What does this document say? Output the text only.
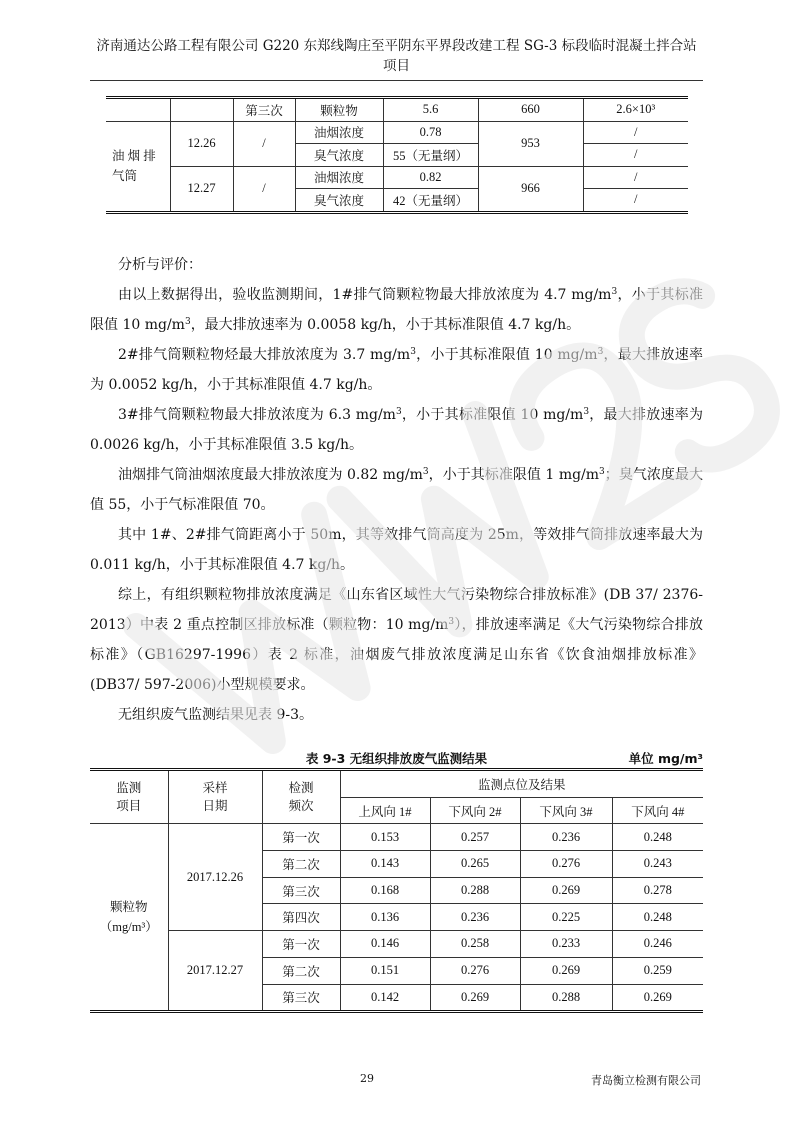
济南通达公路工程有限公司 G220 东郑线陶庄至平阴东平界段改建工程 SG-3 标段临时混凝土拌合站
项目
		第三次	颗粒物	5.6	660	2.6×10³
油 烟 排 气筒	12.26	/	油烟浓度	0.78	953	/
			臭气浓度	55（无量纲）		/
	12.27	/	油烟浓度	0.82	966	/
			臭气浓度	42（无量纲）		/

分析与评价：

由以上数据得出，验收监测期间，1#排气筒颗粒物最大排放浓度为 4.7 $mg/m^3$，小于其标准限值 10 $mg/m^3$，最大排放速率为 0.0058 kg/h，小于其标准限值 4.7 kg/h。

2#排气筒颗粒物烃最大排放浓度为 3.7 $mg/m^3$，小于其标准限值 10 $mg/m^3$，最大排放速率为 0.0052 kg/h，小于其标准限值 4.7 kg/h。

3#排气筒颗粒物最大排放浓度为 6.3 $mg/m^3$，小于其标准限值 10 $mg/m^3$，最大排放速率为 0.0026 kg/h，小于其标准限值 3.5 kg/h。

油烟排气筒油烟浓度最大排放浓度为 0.82 $mg/m^3$，小于其标准限值 1 $mg/m^3$；臭气浓度最大值 55，小于气标准限值 70。

其中 1#、2#排气筒距离小于 50m，其等效排气筒高度为 25m，等效排气筒排放速率最大为 0.011 kg/h，小于其标准限值 4.7 kg/h。

综上，有组织颗粒物排放浓度满足《山东省区域性大气污染物综合排放标准》(DB 37/ 2376-2013）中表 2 重点控制区排放标准（颗粒物：10 $mg/m^3$），排放速率满足《大气污染物综合排放标准》（GB16297-1996）表 2 标准，油烟废气排放浓度满足山东省《饮食油烟排放标准》(DB37/ 597-2006)小型规模要求。

无组织废气监测结果见表 9-3。

表 9-3 无组织排放废气监测结果	单位 mg/m³
监测项目	采样日期	检测频次	监测点位及结果			
			上风向 1#	下风向 2#	下风向 3#	下风向 4#
颗粒物（mg/m³）	2017.12.26	第一次	0.153	0.257	0.236	0.248
		第二次	0.143	0.265	0.276	0.243
		第三次	0.168	0.288	0.269	0.278
		第四次	0.136	0.236	0.225	0.248
	2017.12.27	第一次	0.146	0.258	0.233	0.246
		第二次	0.151	0.276	0.269	0.259
		第三次	0.142	0.269	0.288	0.269
29	青岛衡立检测有限公司
